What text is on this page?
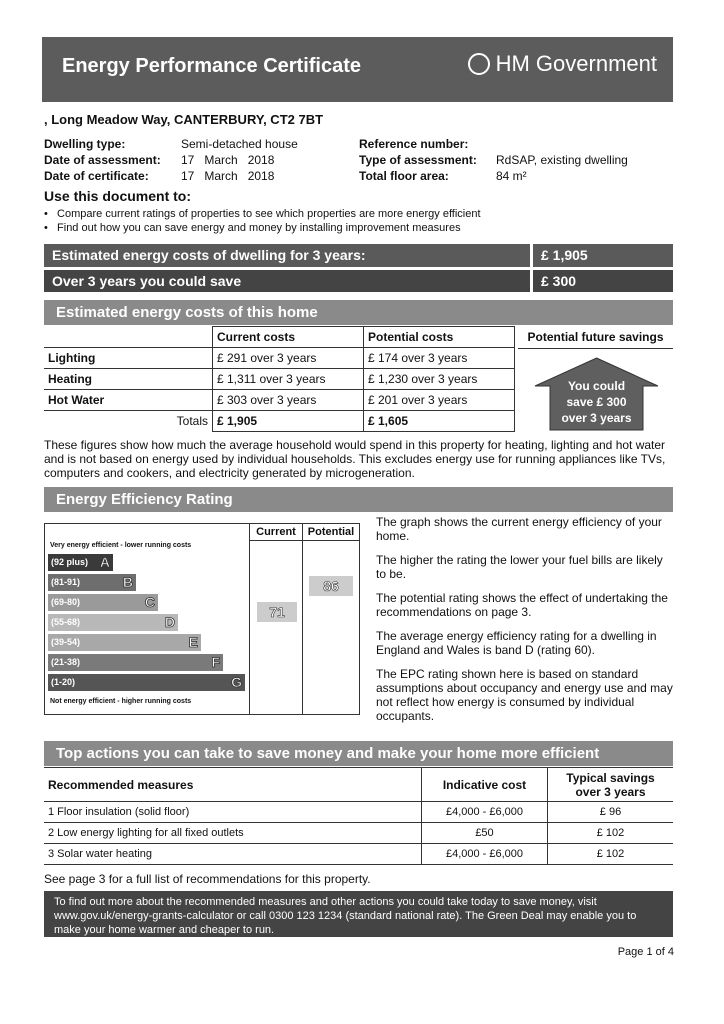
Energy Performance Certificate	HM Government
, Long Meadow Way, CANTERBURY, CT2 7BT
Dwelling type:	Semi-detached house
Date of assessment: 17   March   2018
Date of certificate:	17   March   2018
Reference number:
Type of assessment: RdSAP, existing dwelling
Total floor area:	84 m²
Use this document to:
•   Compare current ratings of properties to see which properties are more energy efficient
•   Find out how you can save energy and money by installing improvement measures
Estimated energy costs of dwelling for 3 years:	£ 1,905
Over 3 years you could save	£ 300
Estimated energy costs of this home
	Current costs	Potential costs
Lighting	£ 291 over 3 years	£ 174 over 3 years
Heating	£ 1,311 over 3 years	£ 1,230 over 3 years
Hot Water	£ 303 over 3 years	£ 201 over 3 years
Totals	£ 1,905	£ 1,605
Potential future savings
You could
save £ 300
over 3 years
These figures show how much the average household would spend in this property for heating, lighting and hot water and is not based on energy used by individual households. This excludes energy use for running appliances like TVs, computers and cookers, and electricity generated by microgeneration.
Energy Efficiency Rating
Current	Potential
Very energy efficient - lower running costs
Not energy efficient - higher running costs
(92 plus) A
(81-91)	B
(69-80)	C
(55-68)	D
(39-54)	E
(21-38)	F
(1-20)	G
71
86
The graph shows the current energy efficiency of your home.
The higher the rating the lower your fuel bills are likely to be.
The potential rating shows the effect of undertaking the recommendations on page 3.
The average energy efficiency rating for a dwelling in England and Wales is band D (rating 60).
The EPC rating shown here is based on standard assumptions about occupancy and energy use and may not reflect how energy is consumed by individual occupants.
Top actions you can take to save money and make your home more efficient
Recommended measures	Indicative cost	Typical savings over 3 years
1 Floor insulation (solid floor)	£4,000 - £6,000	£ 96
2 Low energy lighting for all fixed outlets	£50	£ 102
3 Solar water heating	£4,000 - £6,000	£ 102
See page 3 for a full list of recommendations for this property.
To find out more about the recommended measures and other actions you could take today to save money, visit www.gov.uk/energy-grants-calculator or call 0300 123 1234 (standard national rate). The Green Deal may enable you to make your home warmer and cheaper to run.
Page 1 of 4
